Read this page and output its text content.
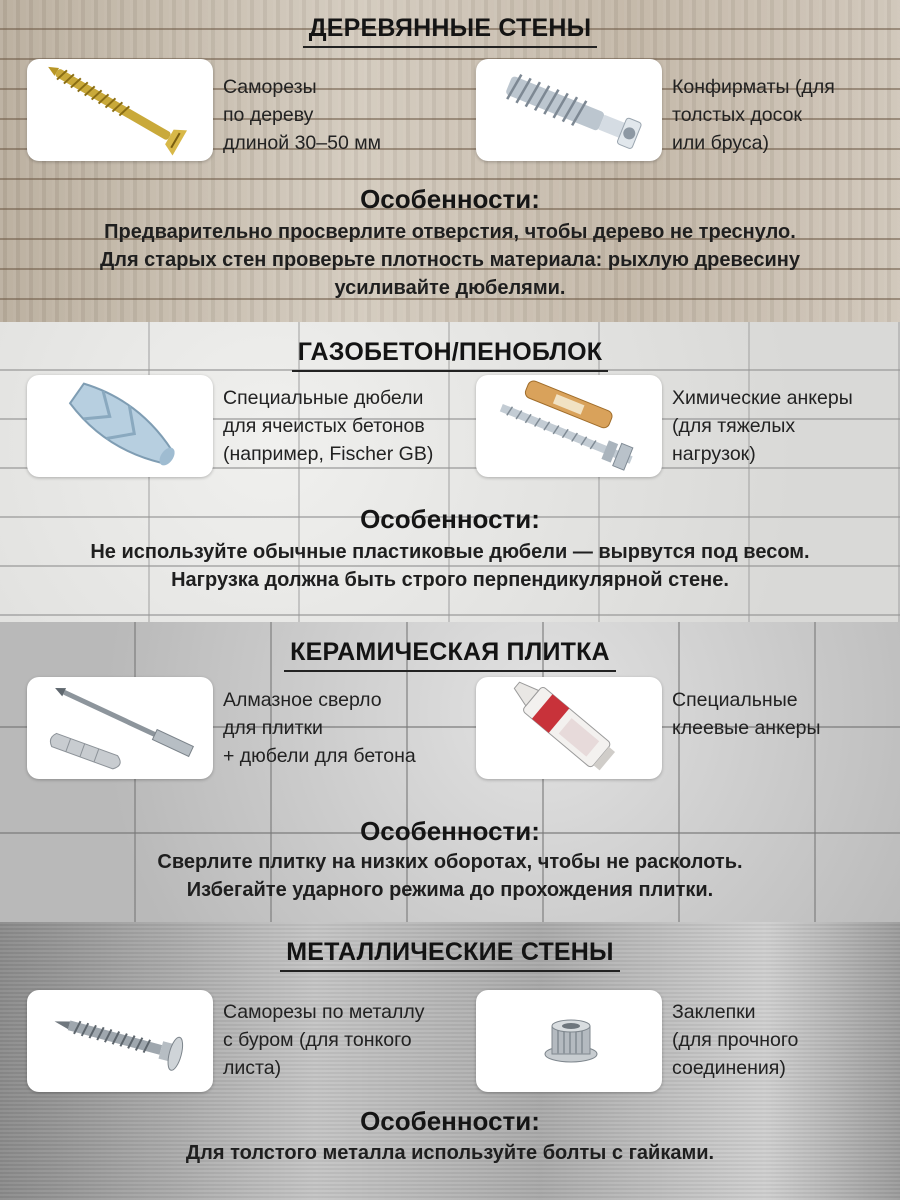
ДЕРЕВЯННЫЕ СТЕНЫ
Саморезы
по дереву
длиной 30–50 мм
Конфирматы (для
толстых досок
или бруса)
Особенности:
Предварительно просверлите отверстия, чтобы дерево не треснуло.
Для старых стен проверьте плотность материала: рыхлую древесину
усиливайте дюбелями.
ГАЗОБЕТОН/ПЕНОБЛОК
Специальные дюбели
для ячеистых бетонов
(например, Fischer GB)
Химические анкеры
(для тяжелых
нагрузок)
Особенности:
Не используйте обычные пластиковые дюбели — вырвутся под весом.
Нагрузка должна быть строго перпендикулярной стене.
КЕРАМИЧЕСКАЯ ПЛИТКА
Алмазное сверло
для плитки
+ дюбели для бетона
Специальные
клеевые анкеры
Особенности:
Сверлите плитку на низких оборотах, чтобы не расколоть.
Избегайте ударного режима до прохождения плитки.
МЕТАЛЛИЧЕСКИЕ СТЕНЫ
Саморезы по металлу
с буром (для тонкого
листа)
Заклепки
(для прочного
соединения)
Особенности:
Для толстого металла используйте болты с гайками.
